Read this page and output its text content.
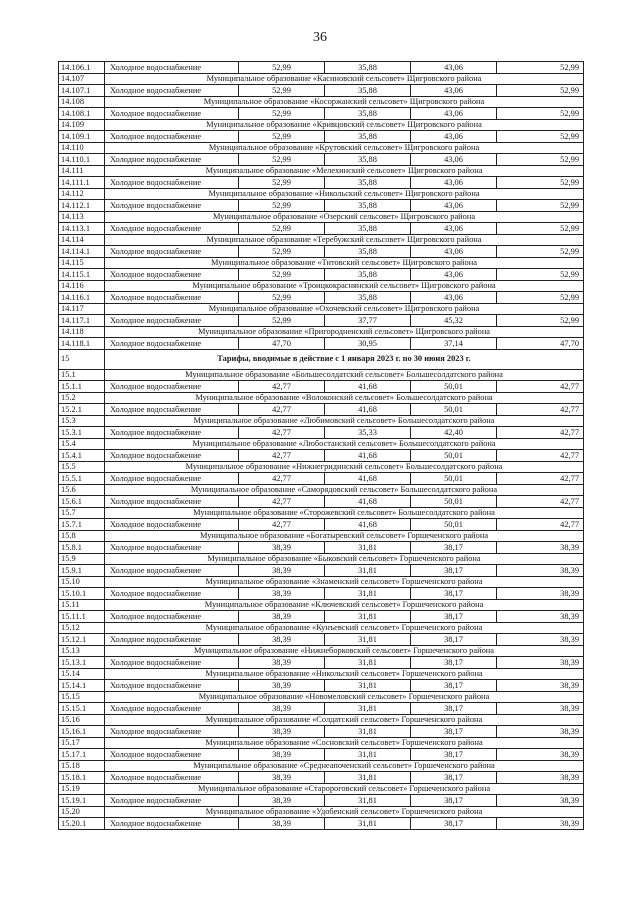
36
14.106.1	Холодное водоснабжение	52,99	35,88	43,06	52,99
14.107	Муниципальное образование «Касиновский сельсовет» Щигровского района				
14.107.1	Холодное водоснабжение	52,99	35,88	43,06	52,99
14.108	Муниципальное образование «Косоржанский сельсовет» Щигровского района				
14.108.1	Холодное водоснабжение	52,99	35,88	43,06	52,99
14.109	Муниципальное образование «Кривцовский сельсовет» Щигровского района				
14.109.1	Холодное водоснабжение	52,99	35,88	43,06	52,99
14.110	Муниципальное образование «Крутовский сельсовет» Щигровского района				
14.110.1	Холодное водоснабжение	52,99	35,88	43,06	52,99
14.111	Муниципальное образование «Мелехинский сельсовет» Щигровского района				
14.111.1	Холодное водоснабжение	52,99	35,88	43,06	52,99
14.112	Муниципальное образование «Никольский сельсовет» Щигровского района				
14.112.1	Холодное водоснабжение	52,99	35,88	43,06	52,99
14.113	Муниципальное образование «Озерский сельсовет» Щигровского района				
14.113.1	Холодное водоснабжение	52,99	35,88	43,06	52,99
14.114	Муниципальное образование «Теребужский сельсовет» Щигровского района				
14.114.1	Холодное водоснабжение	52,99	35,88	43,06	52,99
14.115	Муниципальное образование «Титовский сельсовет» Щигровского района				
14.115.1	Холодное водоснабжение	52,99	35,88	43,06	52,99
14.116	Муниципальное образование «Троицкокраснянский сельсовет» Щигровского района				
14.116.1	Холодное водоснабжение	52,99	35,88	43,06	52,99
14.117	Муниципальное образование «Охочевский сельсовет» Щигровского района				
14.117.1	Холодное водоснабжение	52,99	37,77	45,32	52,99
14.118	Муниципальное образование «Пригородненский сельсовет» Щигровского района				
14.118.1	Холодное водоснабжение	47,70	30,95	37,14	47,70
15	Тарифы, вводимые в действие с 1 января 2023 г. по 30 июня 2023 г.				
15.1	Муниципальное образование «Большесолдатский сельсовет» Большесолдатского района				
15.1.1	Холодное водоснабжение	42,77	41,68	50,01	42,77
15.2	Муниципальное образование «Волоконский сельсовет» Большесолдатского района				
15.2.1	Холодное водоснабжение	42,77	41,68	50,01	42,77
15.3	Муниципальное образование «Любимовский сельсовет» Большесолдатского района				
15.3.1	Холодное водоснабжение	42,77	35,33	42,40	42,77
15.4	Муниципальное образование «Любостанский сельсовет» Большесолдатского района				
15.4.1	Холодное водоснабжение	42,77	41,68	50,01	42,77
15.5	Муниципальное образование «Нижнегридинский сельсовет» Большесолдатского района				
15.5.1	Холодное водоснабжение	42,77	41,68	50,01	42,77
15.6	Муниципальное образование «Саморядовский сельсовет» Большесолдатского района				
15.6.1	Холодное водоснабжение	42,77	41,68	50,01	42,77
15.7	Муниципальное образование «Сторожевский сельсовет» Большесолдатского района				
15.7.1	Холодное водоснабжение	42,77	41,68	50,01	42,77
15.8	Муниципальное образование «Богатыревский сельсовет» Горшеченского района				
15.8.1	Холодное водоснабжение	38,39	31,81	38,17	38,39
15.9	Муниципальное образование «Быковский сельсовет» Горшеченского района				
15.9.1	Холодное водоснабжение	38,39	31,81	38,17	38,39
15.10	Муниципальное образование «Знаменский сельсовет» Горшеченского района				
15.10.1	Холодное водоснабжение	38,39	31,81	38,17	38,39
15.11	Муниципальное образование «Ключевский сельсовет» Горшеченского района				
15.11.1	Холодное водоснабжение	38,39	31,81	38,17	38,39
15.12	Муниципальное образование «Кунъевский сельсовет» Горшеченского района				
15.12.1	Холодное водоснабжение	38,39	31,81	38,17	38,39
15.13	Муниципальное образование «Нижнеборковский сельсовет» Горшеченского района				
15.13.1	Холодное водоснабжение	38,39	31,81	38,17	38,39
15.14	Муниципальное образование «Никольский сельсовет» Горшеченского района				
15.14.1	Холодное водоснабжение	38,39	31,81	38,17	38,39
15.15	Муниципальное образование «Новомеловский сельсовет» Горшеченского района				
15.15.1	Холодное водоснабжение	38,39	31,81	38,17	38,39
15.16	Муниципальное образование «Солдатский сельсовет» Горшеченского района				
15.16.1	Холодное водоснабжение	38,39	31,81	38,17	38,39
15.17	Муниципальное образование «Сосновский сельсовет» Горшеченского района				
15.17.1	Холодное водоснабжение	38,39	31,81	38,17	38,39
15.18	Муниципальное образование «Среднеапоченский сельсовет» Горшеченского района				
15.18.1	Холодное водоснабжение	38,39	31,81	38,17	38,39
15.19	Муниципальное образование «Старороговский сельсовет» Горшеченского района				
15.19.1	Холодное водоснабжение	38,39	31,81	38,17	38,39
15.20	Муниципальное образование «Удобенский сельсовет» Горшеченского района				
15.20.1	Холодное водоснабжение	38,39	31,81	38,17	38,39
